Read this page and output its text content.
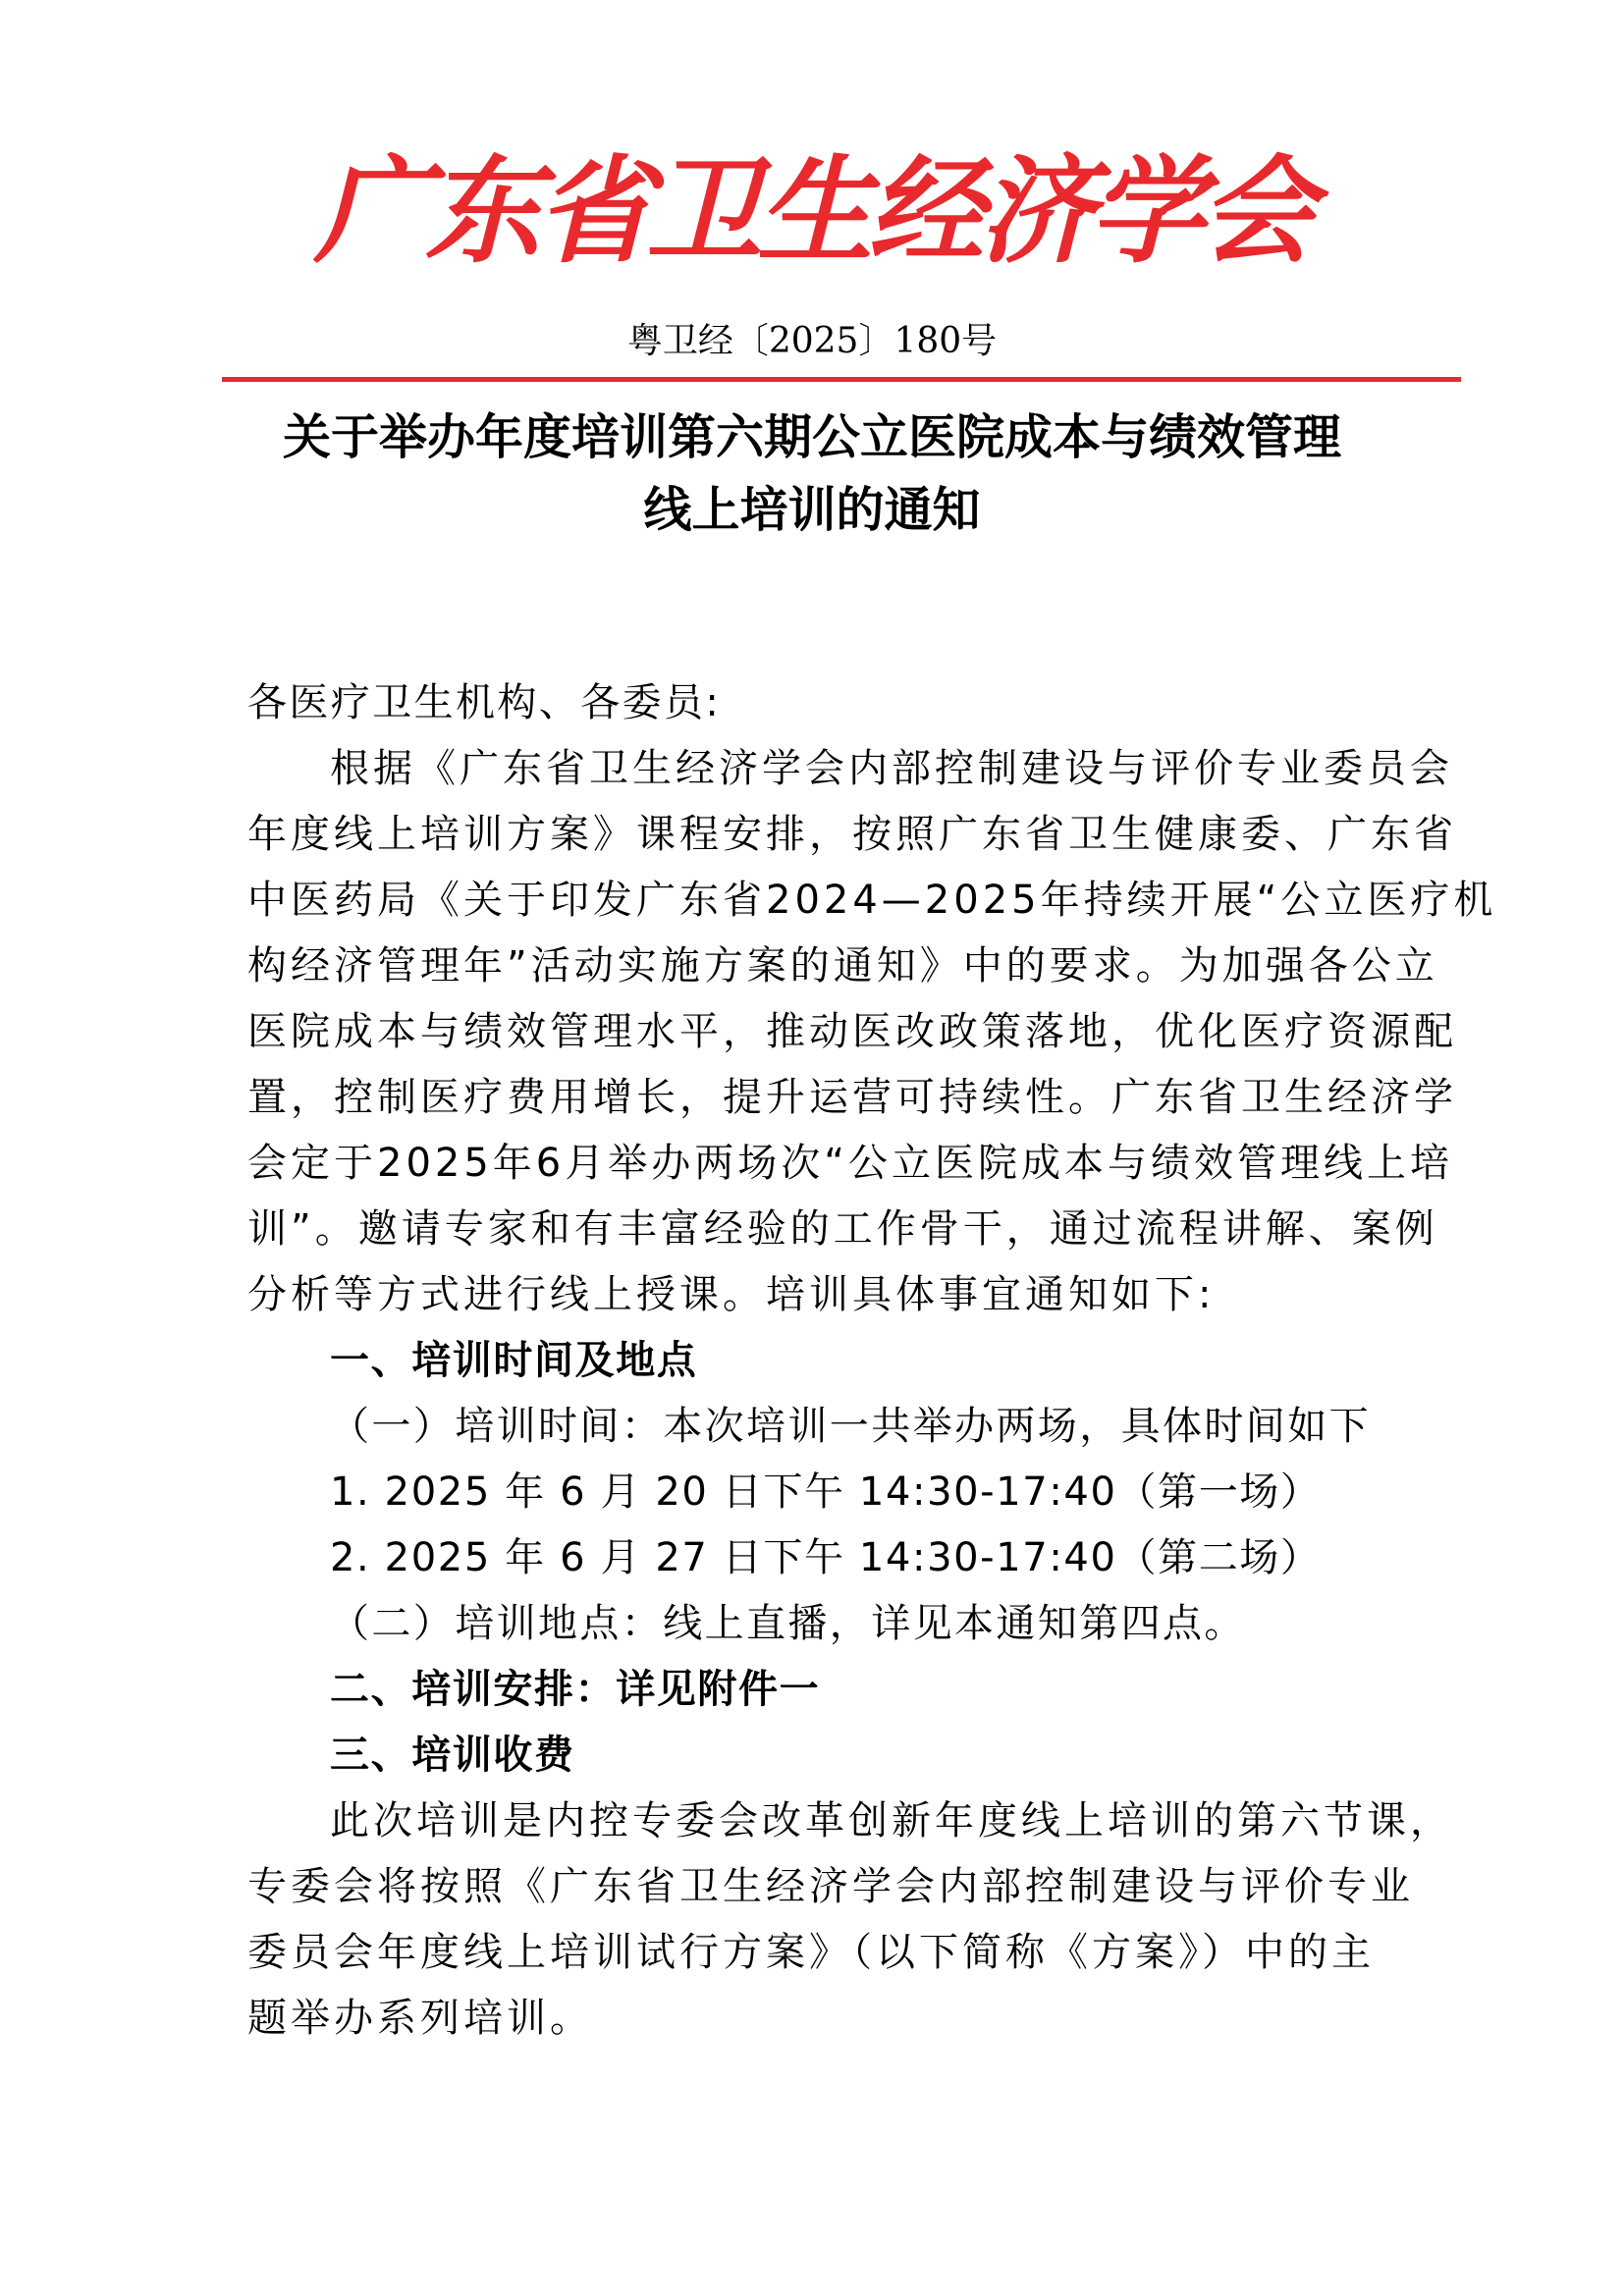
广
东
省
卫
生
经
济
学
会
粤卫经〔2025〕180号
关于举办年度培训第六期公立医院成本与绩效管理
线上培训的通知
各医疗卫生机构、各委员:
根据《广东省卫生经济学会内部控制建设与评价专业委员会
年度线上培训方案》课程安排，按照广东省卫生健康委、广东省
中医药局《关于印发广东省2024—2025年持续开展“公立医疗机
构经济管理年”活动实施方案的通知》中的要求。为加强各公立
医院成本与绩效管理水平，推动医改政策落地，优化医疗资源配
置，控制医疗费用增长，提升运营可持续性。广东省卫生经济学
会定于2025年6月举办两场次“公立医院成本与绩效管理线上培
训”。邀请专家和有丰富经验的工作骨干，通过流程讲解、案例
分析等方式进行线上授课。培训具体事宜通知如下:
一、培训时间及地点
（一）培训时间：本次培训一共举办两场，具体时间如下
1. 2025 年 6 月 20 日下午 14:30-17:40（第一场）
2. 2025 年 6 月 27 日下午 14:30-17:40（第二场）
（二）培训地点：线上直播，详见本通知第四点。
二、培训安排：详见附件一
三、培训收费
此次培训是内控专委会改革创新年度线上培训的第六节课，
专委会将按照《广东省卫生经济学会内部控制建设与评价专业
委员会年度线上培训试行方案》（以下简称《方案》）中的主
题举办系列培训。
